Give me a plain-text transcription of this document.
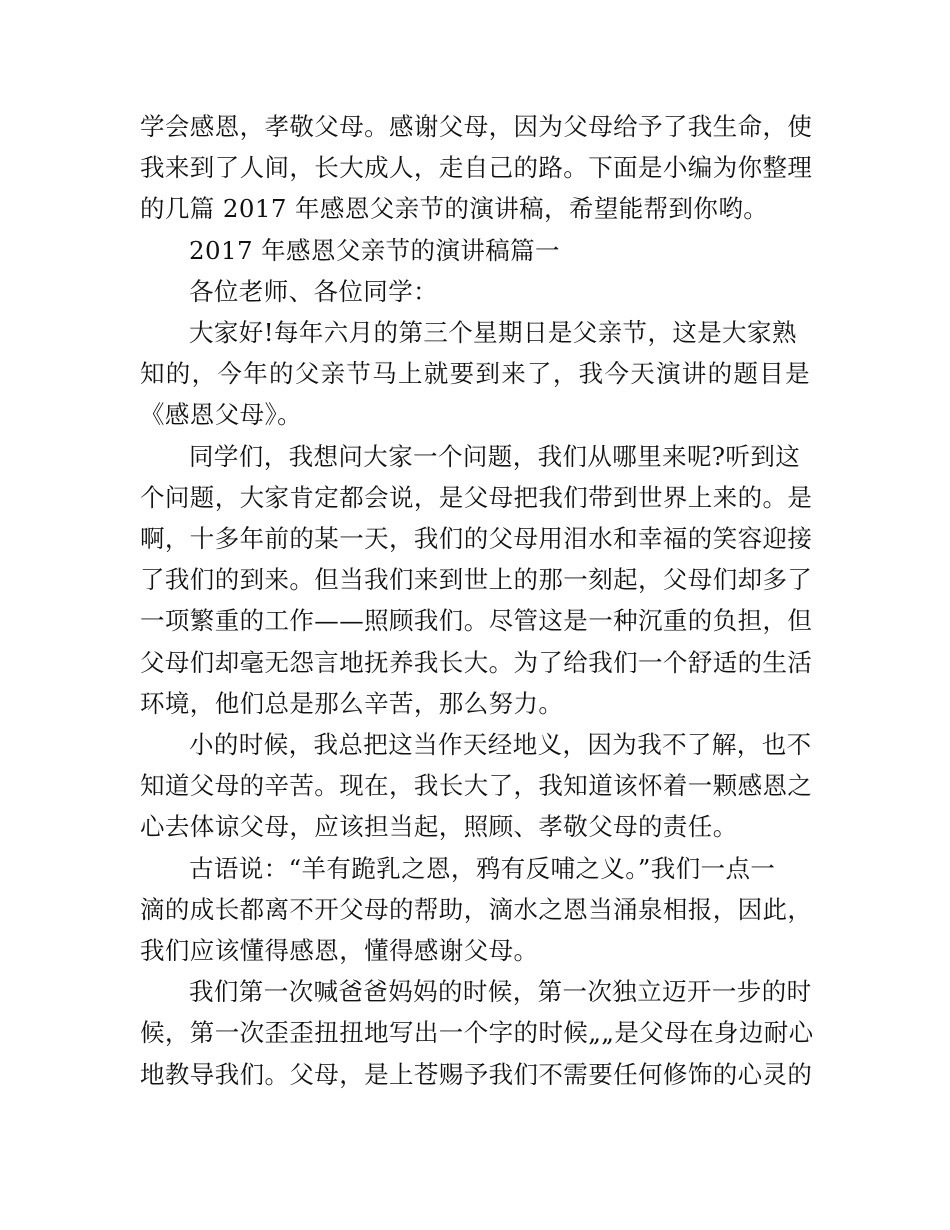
学会感恩，孝敬父母。感谢父母，因为父母给予了我生命，使
我来到了人间，长大成人，走自己的路。下面是小编为你整理
的几篇 2017 年感恩父亲节的演讲稿，希望能帮到你哟。
2017 年感恩父亲节的演讲稿篇一
各位老师、各位同学：
大家好!每年六月的第三个星期日是父亲节，这是大家熟
知的，今年的父亲节马上就要到来了，我今天演讲的题目是
《感恩父母》。
同学们，我想问大家一个问题，我们从哪里来呢?听到这
个问题，大家肯定都会说，是父母把我们带到世界上来的。是
啊，十多年前的某一天，我们的父母用泪水和幸福的笑容迎接
了我们的到来。但当我们来到世上的那一刻起，父母们却多了
一项繁重的工作——照顾我们。尽管这是一种沉重的负担，但
父母们却毫无怨言地抚养我长大。为了给我们一个舒适的生活
环境，他们总是那么辛苦，那么努力。
小的时候，我总把这当作天经地义，因为我不了解，也不
知道父母的辛苦。现在，我长大了，我知道该怀着一颗感恩之
心去体谅父母，应该担当起，照顾、孝敬父母的责任。
古语说：“羊有跪乳之恩，鸦有反哺之义。”我们一点一
滴的成长都离不开父母的帮助，滴水之恩当涌泉相报，因此，
我们应该懂得感恩，懂得感谢父母。
我们第一次喊爸爸妈妈的时候，第一次独立迈开一步的时
候，第一次歪歪扭扭地写出一个字的时候„„是父母在身边耐心
地教导我们。父母，是上苍赐予我们不需要任何修饰的心灵的
